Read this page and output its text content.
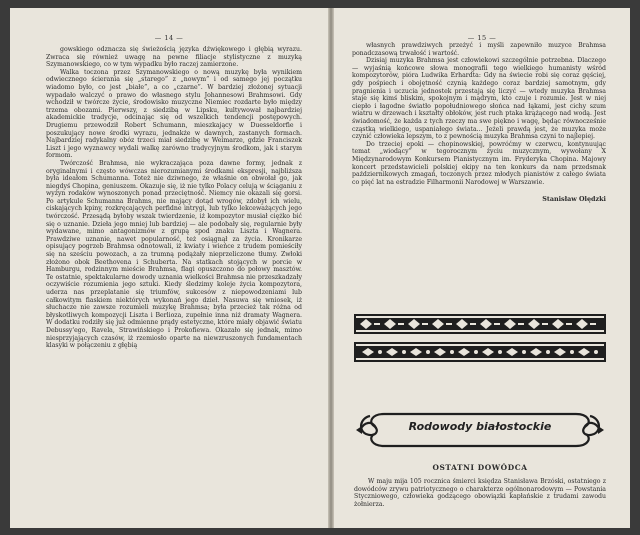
— 14 —

gowskiego odznacza się świeżością języka dźwiękowego i głębią wyrazu. Zwraca się również uwagę na pewne filiacje stylistyczne z muzyką Szymanowskiego, co w tym wypadku było raczej zamierzone.

Walka toczona przez Szymanowskiego o nową muzykę była wynikiem odwiecznego ścierania się „starego” z „nowym” i od samego jej początku wiadomo było, co jest „białe”, a co „czarne”. W bardziej złożonej sytuacji wypadało walczyć o prawo do własnego stylu Johannesowi Brahmsowi. Gdy wchodził w twórcze życie, środowisko muzyczne Niemiec rozdarte było między trzema obozami. Pierwszy, z siedzibą w Lipsku, kultywował najbardziej akademickie tradycje, odcinając się od wszelkich tendencji postępowych. Drugiemu przewodził Robert Schumann, mieszkający w Duesseldorfie i poszukujący nowe środki wyrazu, jednakże w dawnych, zastanych formach. Najbardziej radykalny obóz trzeci miał siedzibę w Weimarze, gdzie Franciszek Liszt i jego wyznawcy wydali walkę zarówno tradycyjnym środkom, jak i starym formom.

Twórczość Brahmsa, nie wykraczająca poza dawne formy, jednak z oryginalnymi i często wówczas nierozumianymi środkami ekspresji, najbliższa była ideałom Schumanna. Toteż nie dziwnego, że właśnie on obwołał go, jak niegdyś Chopina, geniuszem. Okazuje się, iż nie tylko Polacy celują w ściąganiu z wyżyn rodaków wynoszonych ponad przeciętność. Niemcy nie okazali się gorsi. Po artykule Schumanna Brahms, nie mający dotąd wrogów, zdobył ich wielu, ciskających kpiny, rozkręcających perfidne intrygi, lub tylko lekceważących jego twórczość. Przesądą byłoby wszak twierdzenie, iż kompozytor musiał ciężko bić się o uznanie. Dzieła jego mniej lub bardziej — ale podobały się, regularnie były wydawane, mimo antagonizmów z grupą spod znaku Liszta i Wagnera. Prawdziwe uznanie, nawet popularność, też osiągnął za życia. Kronikarze opisujący pogrzeb Brahmsa odnotowali, iż kwiaty i wieńce z trudem pomieściły się na sześciu powozach, a za trumną podążały nieprzeliczone tłumy. Zwłoki złożono obok Beethovena i Schuberta. Na statkach stojących w porcie w Hamburgu, rodzinnym mieście Brahmsa, flagi opuszczono do połowy masztów. Te ostatnie, spektakularne dowody uznania wielkości Brahmsa nie przeszkadzały oczywiście rozumienia jego sztuki. Kiedy śledzimy koleje życia kompozytora, uderza nas przeplatanie się triumfów, sukcesów z niepowodzeniami lub całkowitym fiaskiem niektórych wykonań jego dzieł. Nasuwa się wniosek, iż słuchacze nie zawsze rozumieli muzykę Brahmsa; była przecież tak różna od błyskotliwych kompozycji Liszta i Berlioza, zupełnie inna niż dramaty Wagnera. W dodatku rodziły się już odmienne prądy estetyczne, które miały objawić światu Debussy'ego, Ravela, Strawińskiego i Prokofiewa. Okazało się jednak, mimo niesprzyjających czasów, iż rzemiosło oparte na niewzruszonych fundamentach klasyki w połączeniu z głębią

— 15 —

własnych prawdziwych przeżyć i myśli zapewniło muzyce Brahmsa ponadczasową trwałość i wartość.

Dzisiaj muzyka Brahmsa jest człowiekowi szczególnie potrzebna. Dlaczego — wyjaśnią końcowe słowa monografii tego wielkiego humanisty wśród kompozytorów, pióra Ludwika Erhardta: Gdy na świecie robi się coraz gęściej, gdy pośpiech i obojętność czynią każdego coraz bardziej samotnym, gdy pragnienia i uczucia jednostek przestają się liczyć — wtedy muzyka Brahmsa staje się kimś bliskim, spokojnym i mądrym, kto czuje i rozumie. Jest w niej ciepło i łagodne światło popołudniowego słońca nad łąkami, jest cichy szum wiatru w drzewach i kształty obłoków, jest ruch ptaka krążącego nad wodą. Jest świadomość, że każda z tych rzeczy ma swe piękno i wagę, będąc równocześnie cząstką wielkiego, uspaniałego świata... Jeżeli prawdą jest, że muzyka może czynić człowieka lepszym, to z pewnością muzyka Brahmsa czyni to najlepiej.

Do trzeciej epoki — chopinowskiej, powróćmy w czerwcu, kontynuując temat „wiodący” w tegorocznym życiu muzycznym, wywołany X Międzynarodowym Konkursem Pianistycznym im. Fryderyka Chopina. Majowy koncert przedstawicieli polskiej ekipy na ten konkurs da nam przedsmak październikowych zmagań, toczonych przez młodych pianistów z całego świata co pięć lat na estradzie Filharmonii Narodowej w Warszawie.

Stanisław Olędzki
Rodowody białostockie
OSTATNI DOWÓDCA

W maju mija 105 rocznica śmierci księdza Stanisława Brzóski, ostatniego z dowódców zrywu patriotycznego o charakterze ogólnonarodowym — Powstania Styczniowego, człowieka godzącego obowiązki kapłańskie z trudami zawodu żołnierza.
